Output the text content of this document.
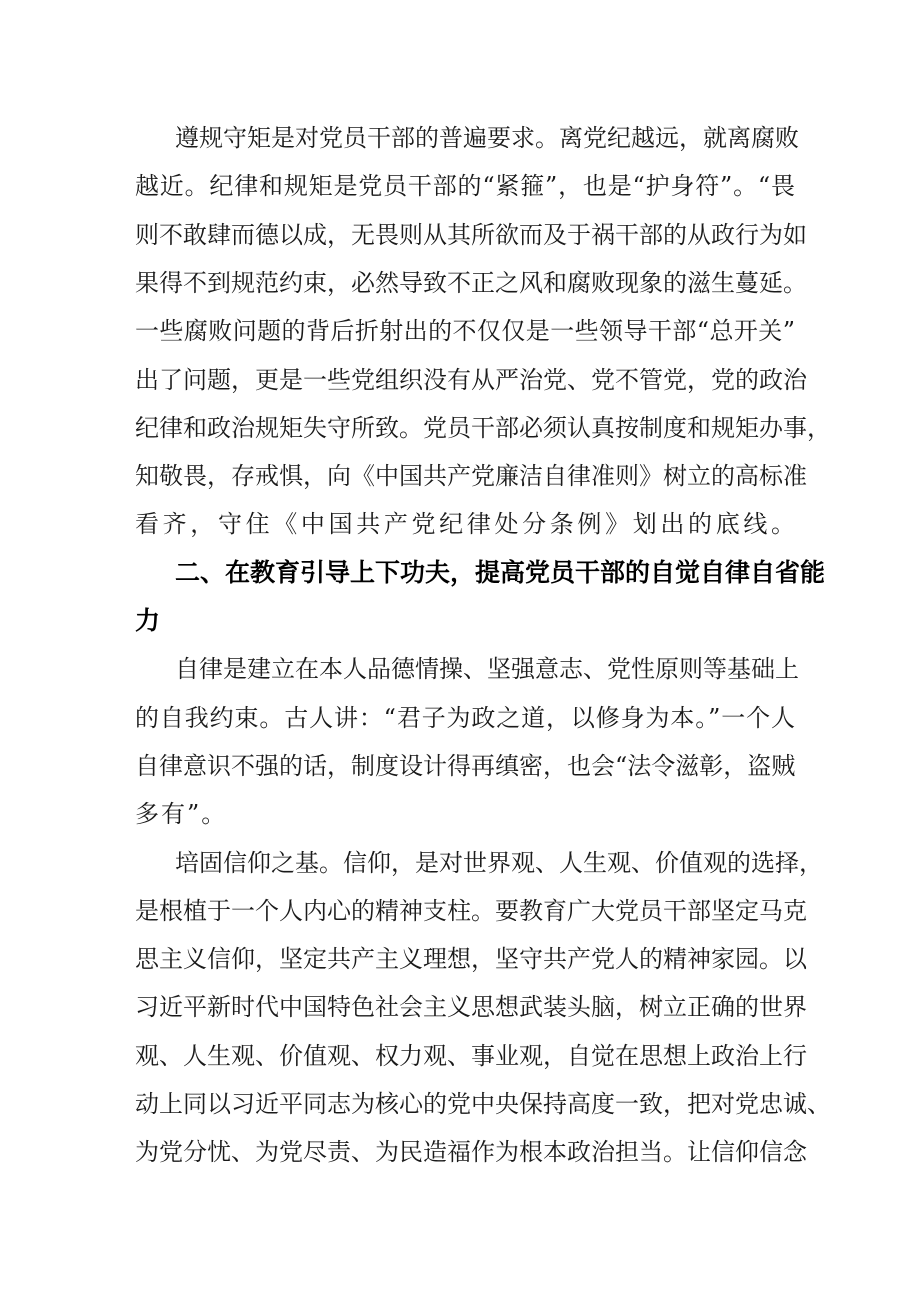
遵规守矩是对党员干部的普遍要求。离党纪越远，就离腐败
越近。纪律和规矩是党员干部的“紧箍”，也是“护身符”。“畏
则不敢肆而德以成，无畏则从其所欲而及于祸干部的从政行为如
果得不到规范约束，必然导致不正之风和腐败现象的滋生蔓延。
一些腐败问题的背后折射出的不仅仅是一些领导干部“总开关”
出了问题，更是一些党组织没有从严治党、党不管党，党的政治
纪律和政治规矩失守所致。党员干部必须认真按制度和规矩办事，
知敬畏，存戒惧，向《中国共产党廉洁自律准则》树立的高标准
看齐，守住《中国共产党纪律处分条例》划出的底线。
二、在教育引导上下功夫，提高党员干部的自觉自律自省能
力
自律是建立在本人品德情操、坚强意志、党性原则等基础上
的自我约束。古人讲：“君子为政之道，以修身为本。”一个人
自律意识不强的话，制度设计得再缜密，也会“法令滋彰，盗贼
多有”。
培固信仰之基。信仰，是对世界观、人生观、价值观的选择，
是根植于一个人内心的精神支柱。要教育广大党员干部坚定马克
思主义信仰，坚定共产主义理想，坚守共产党人的精神家园。以
习近平新时代中国特色社会主义思想武装头脑，树立正确的世界
观、人生观、价值观、权力观、事业观，自觉在思想上政治上行
动上同以习近平同志为核心的党中央保持高度一致，把对党忠诚、
为党分忧、为党尽责、为民造福作为根本政治担当。让信仰信念
